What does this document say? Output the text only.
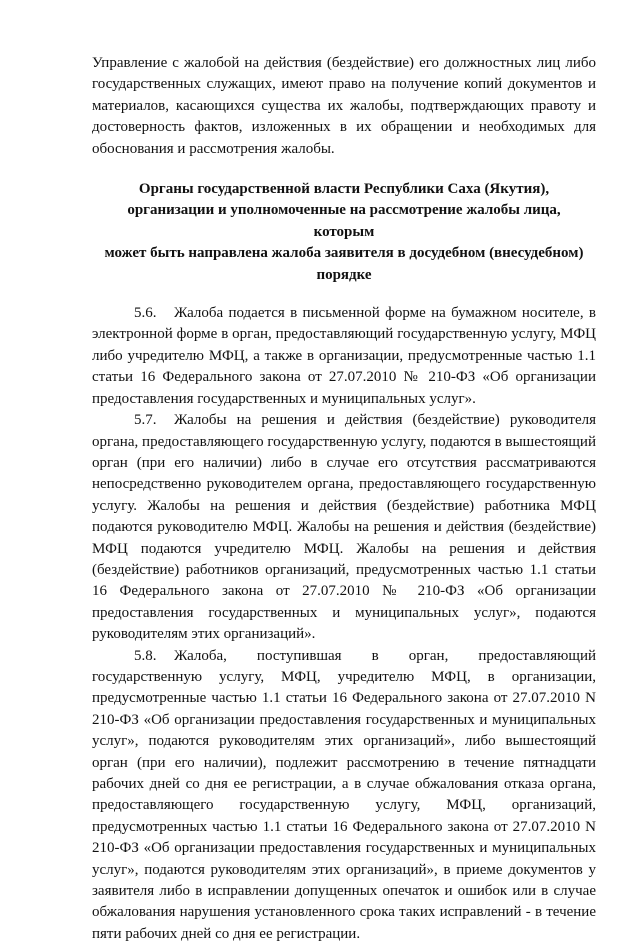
Управление с жалобой на действия (бездействие) его должностных лиц либо государственных служащих, имеют право на получение копий документов и материалов, касающихся существа их жалобы, подтверждающих правоту и достоверность фактов, изложенных в их обращении и необходимых для обоснования и рассмотрения жалобы.

Органы государственной власти Республики Саха (Якутия),
организации и уполномоченные на рассмотрение жалобы лица, которым
может быть направлена жалоба заявителя в досудебном (внесудебном)
порядке

5.6. Жалоба подается в письменной форме на бумажном носителе, в электронной форме в орган, предоставляющий государственную услугу, МФЦ либо учредителю МФЦ, а также в организации, предусмотренные частью 1.1 статьи 16 Федерального закона от 27.07.2010 № 210-ФЗ «Об организации предоставления государственных и муниципальных услуг».

5.7. Жалобы на решения и действия (бездействие) руководителя органа, предоставляющего государственную услугу, подаются в вышестоящий орган (при его наличии) либо в случае его отсутствия рассматриваются непосредственно руководителем органа, предоставляющего государственную услугу. Жалобы на решения и действия (бездействие) работника МФЦ подаются руководителю МФЦ. Жалобы на решения и действия (бездействие) МФЦ подаются учредителю МФЦ. Жалобы на решения и действия (бездействие) работников организаций, предусмотренных частью 1.1 статьи 16 Федерального закона от 27.07.2010 № 210-ФЗ «Об организации предоставления государственных и муниципальных услуг», подаются руководителям этих организаций».

5.8. Жалоба, поступившая в орган, предоставляющий государственную услугу, МФЦ, учредителю МФЦ, в организации, предусмотренные частью 1.1 статьи 16 Федерального закона от 27.07.2010 N 210-ФЗ «Об организации предоставления государственных и муниципальных услуг», подаются руководителям этих организаций», либо вышестоящий орган (при его наличии), подлежит рассмотрению в течение пятнадцати рабочих дней со дня ее регистрации, а в случае обжалования отказа органа, предоставляющего государственную услугу, МФЦ, организаций, предусмотренных частью 1.1 статьи 16 Федерального закона от 27.07.2010 N 210-ФЗ «Об организации предоставления государственных и муниципальных услуг», подаются руководителям этих организаций», в приеме документов у заявителя либо в исправлении допущенных опечаток и ошибок или в случае обжалования нарушения установленного срока таких исправлений - в течение пяти рабочих дней со дня ее регистрации.
